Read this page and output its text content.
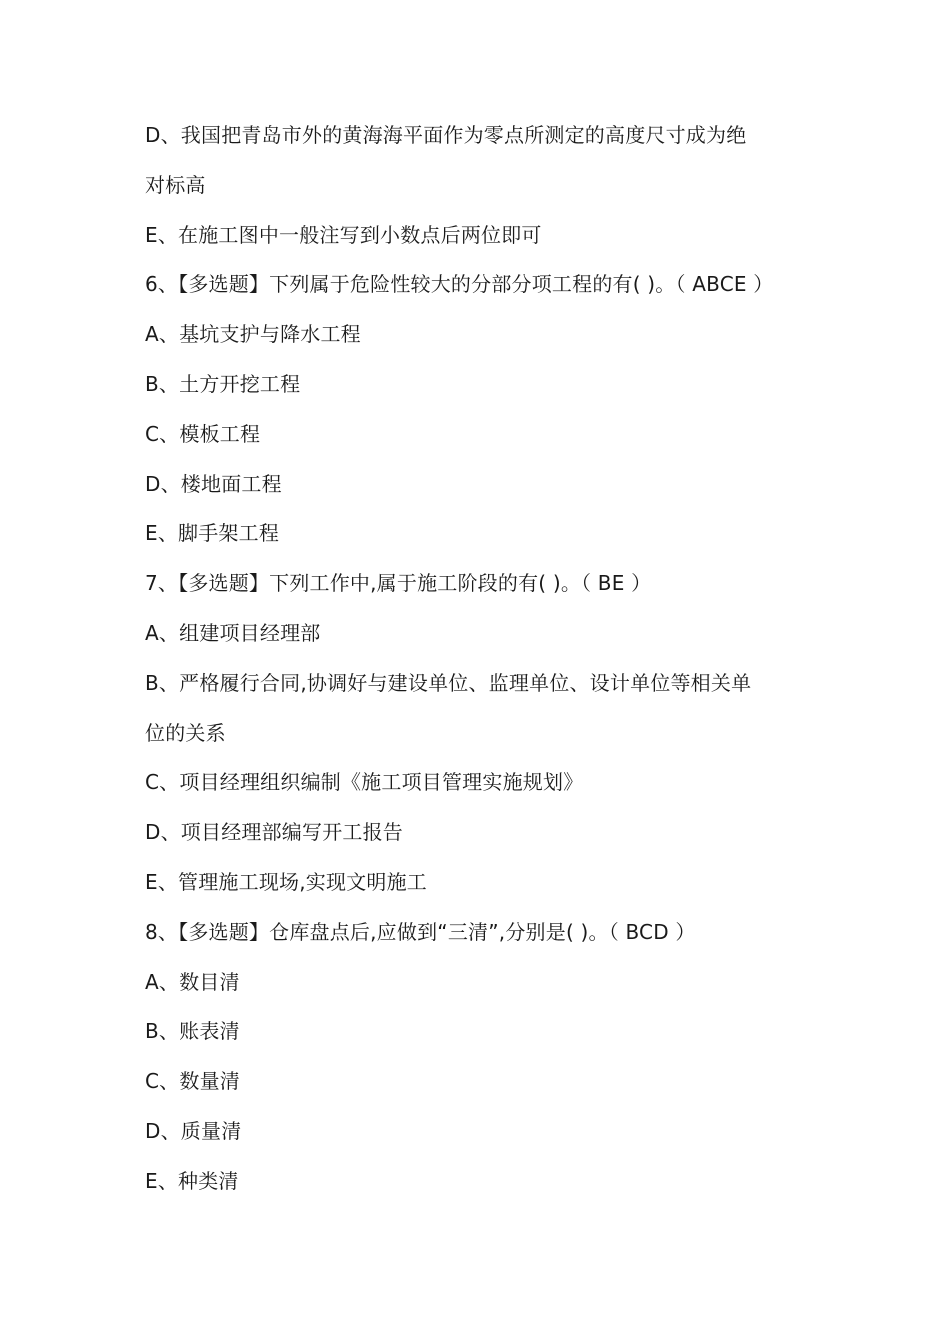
D、我国把青岛市外的黄海海平面作为零点所测定的高度尺寸成为绝
对标高
E、在施工图中一般注写到小数点后两位即可
6、【多选题】下列属于危险性较大的分部分项工程的有( )。（ ABCE ）
A、基坑支护与降水工程
B、土方开挖工程
C、模板工程
D、楼地面工程
E、脚手架工程
7、【多选题】下列工作中,属于施工阶段的有( )。（ BE ）
A、组建项目经理部
B、严格履行合同,协调好与建设单位、监理单位、设计单位等相关单
位的关系
C、项目经理组织编制《施工项目管理实施规划》
D、项目经理部编写开工报告
E、管理施工现场,实现文明施工
8、【多选题】仓库盘点后,应做到“三清”,分别是( )。（ BCD ）
A、数目清
B、账表清
C、数量清
D、质量清
E、种类清
